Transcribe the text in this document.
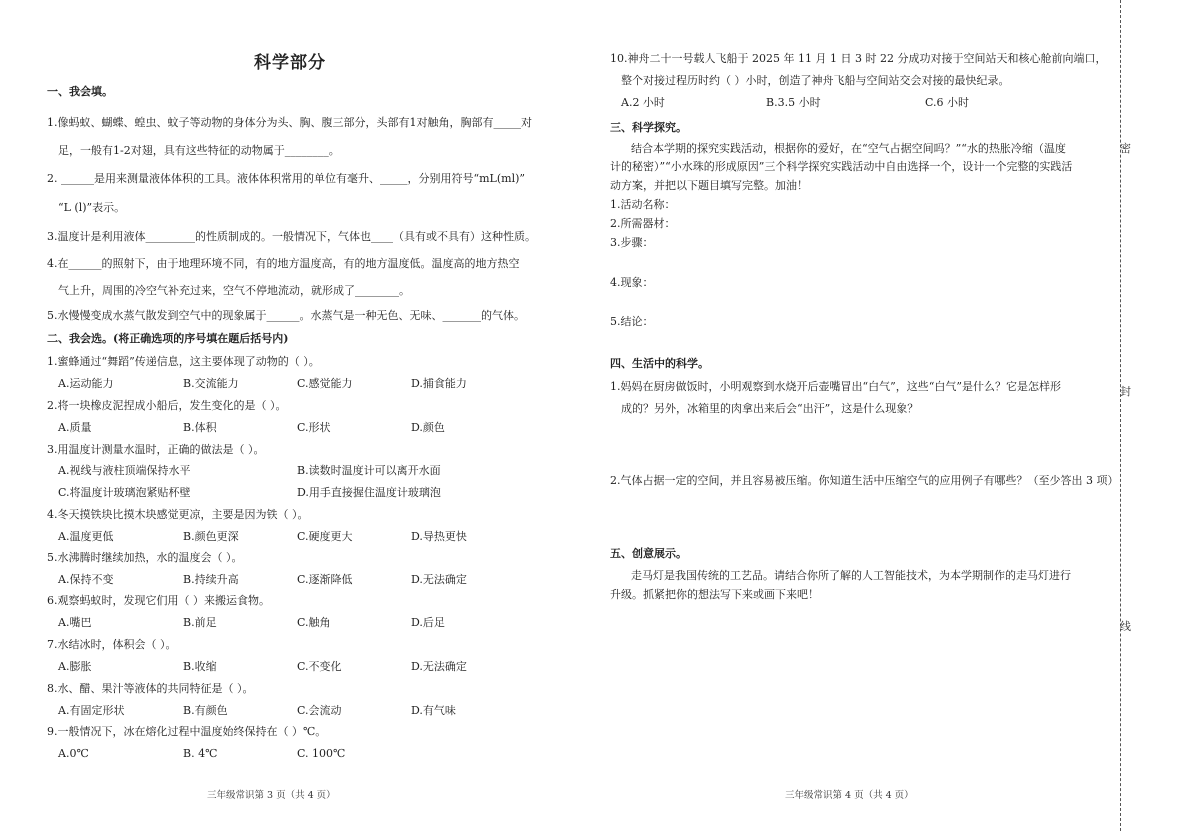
科学部分
一、我会填。
1.像蚂蚁、蝴蝶、蝗虫、蚊子等动物的身体分为头、胸、腹三部分，头部有1对触角，胸部有_____对
足，一般有1-2对翅，具有这些特征的动物属于________。
2. ______是用来测量液体体积的工具。液体体积常用的单位有毫升、_____，分别用符号“mL(ml)”
“L (l)”表示。
3.温度计是利用液体_________的性质制成的。一般情况下，气体也____（具有或不具有）这种性质。
4.在______的照射下，由于地理环境不同，有的地方温度高，有的地方温度低。温度高的地方热空
气上升，周围的冷空气补充过来，空气不停地流动，就形成了________。
5.水慢慢变成水蒸气散发到空气中的现象属于______。水蒸气是一种无色、无味、_______的气体。
二、我会选。(将正确选项的序号填在题后括号内)
1.蜜蜂通过“舞蹈”传递信息，这主要体现了动物的（ ）。
A.运动能力	B.交流能力	C.感觉能力	D.捕食能力
2.将一块橡皮泥捏成小船后，发生变化的是（ ）。
A.质量	B.体积	C.形状	D.颜色
3.用温度计测量水温时，正确的做法是（ ）。
A.视线与液柱顶端保持水平	B.读数时温度计可以离开水面
C.将温度计玻璃泡紧贴杯壁	D.用手直接握住温度计玻璃泡
4.冬天摸铁块比摸木块感觉更凉，主要是因为铁（ ）。
A.温度更低	B.颜色更深	C.硬度更大	D.导热更快
5.水沸腾时继续加热，水的温度会（ ）。
A.保持不变	B.持续升高	C.逐渐降低	D.无法确定
6.观察蚂蚁时，发现它们用（ ）来搬运食物。
A.嘴巴	B.前足	C.触角	D.后足
7.水结冰时，体积会（ ）。
A.膨胀	B.收缩	C.不变化	D.无法确定
8.水、醋、果汁等液体的共同特征是（ ）。
A.有固定形状	B.有颜色	C.会流动	D.有气味
9.一般情况下，冰在熔化过程中温度始终保持在（ ）℃。
A.0℃	B. 4℃	C. 100℃
三年级常识第 3 页（共 4 页）
10.神舟二十一号载人飞船于 2025 年 11 月 1 日 3 时 22 分成功对接于空间站天和核心舱前向端口，
整个对接过程历时约（ ）小时，创造了神舟飞船与空间站交会对接的最快纪录。
A.2 小时	B.3.5 小时	C.6 小时
三、科学探究。
结合本学期的探究实践活动，根据你的爱好，在“空气占据空间吗？”“水的热胀冷缩（温度
计的秘密）”“小水珠的形成原因”三个科学探究实践活动中自由选择一个，设计一个完整的实践活
动方案，并把以下题目填写完整。加油！
1.活动名称：
2.所需器材：
3.步骤：
4.现象：
5.结论：
四、生活中的科学。
1.妈妈在厨房做饭时，小明观察到水烧开后壶嘴冒出“白气”，这些“白气”是什么？它是怎样形
成的？另外，冰箱里的肉拿出来后会“出汗”，这是什么现象？
2.气体占据一定的空间，并且容易被压缩。你知道生活中压缩空气的应用例子有哪些？（至少答出 3 项）
五、创意展示。
走马灯是我国传统的工艺品。请结合你所了解的人工智能技术，为本学期制作的走马灯进行
升级。抓紧把你的想法写下来或画下来吧！
三年级常识第 4 页（共 4 页）
密
封
线
